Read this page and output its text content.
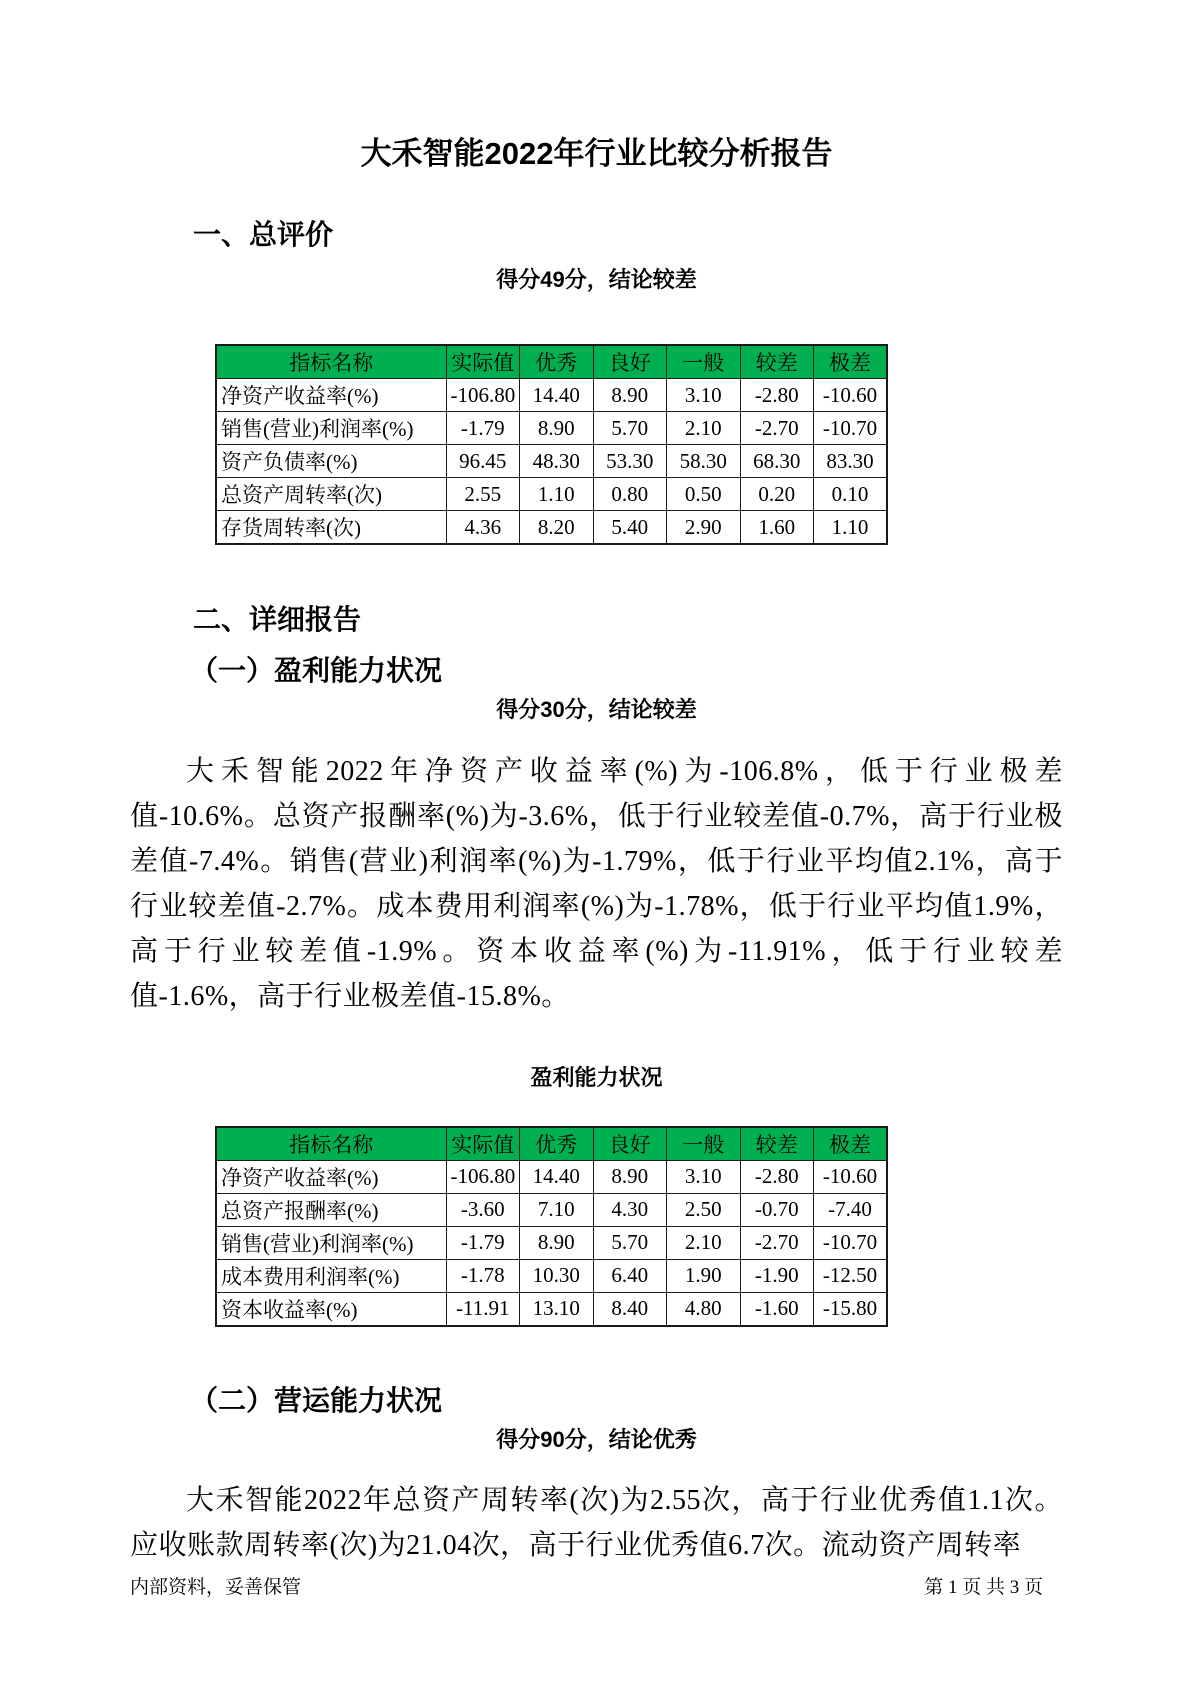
大禾智能2022年行业比较分析报告
一、总评价
得分49分，结论较差
指标名称	实际值	优秀	良好	一般	较差	极差
净资产收益率(%)	-106.80	14.40	8.90	3.10	-2.80	-10.60
销售(营业)利润率(%)	-1.79	8.90	5.70	2.10	-2.70	-10.70
资产负债率(%)	96.45	48.30	53.30	58.30	68.30	83.30
总资产周转率(次)	2.55	1.10	0.80	0.50	0.20	0.10
存货周转率(次)	4.36	8.20	5.40	2.90	1.60	1.10
二、详细报告
（一）盈利能力状况
得分30分，结论较差
大禾智能2022年净资产收益率(%)为-106.8%，低于行业极差值-10.6%。总资产报酬率(%)为-3.6%，低于行业较差值-0.7%，高于行业极差值-7.4%。销售(营业)利润率(%)为-1.79%，低于行业平均值2.1%，高于行业较差值-2.7%。成本费用利润率(%)为-1.78%，低于行业平均值1.9%，高于行业较差值-1.9%。资本收益率(%)为-11.91%，低于行业较差值-1.6%，高于行业极差值-15.8%。
盈利能力状况
指标名称	实际值	优秀	良好	一般	较差	极差
净资产收益率(%)	-106.80	14.40	8.90	3.10	-2.80	-10.60
总资产报酬率(%)	-3.60	7.10	4.30	2.50	-0.70	-7.40
销售(营业)利润率(%)	-1.79	8.90	5.70	2.10	-2.70	-10.70
成本费用利润率(%)	-1.78	10.30	6.40	1.90	-1.90	-12.50
资本收益率(%)	-11.91	13.10	8.40	4.80	-1.60	-15.80
（二）营运能力状况
得分90分，结论优秀
大禾智能2022年总资产周转率(次)为2.55次，高于行业优秀值1.1次。应收账款周转率(次)为21.04次，高于行业优秀值6.7次。流动资产周转率
内部资料，妥善保管	第 1 页 共 3 页
